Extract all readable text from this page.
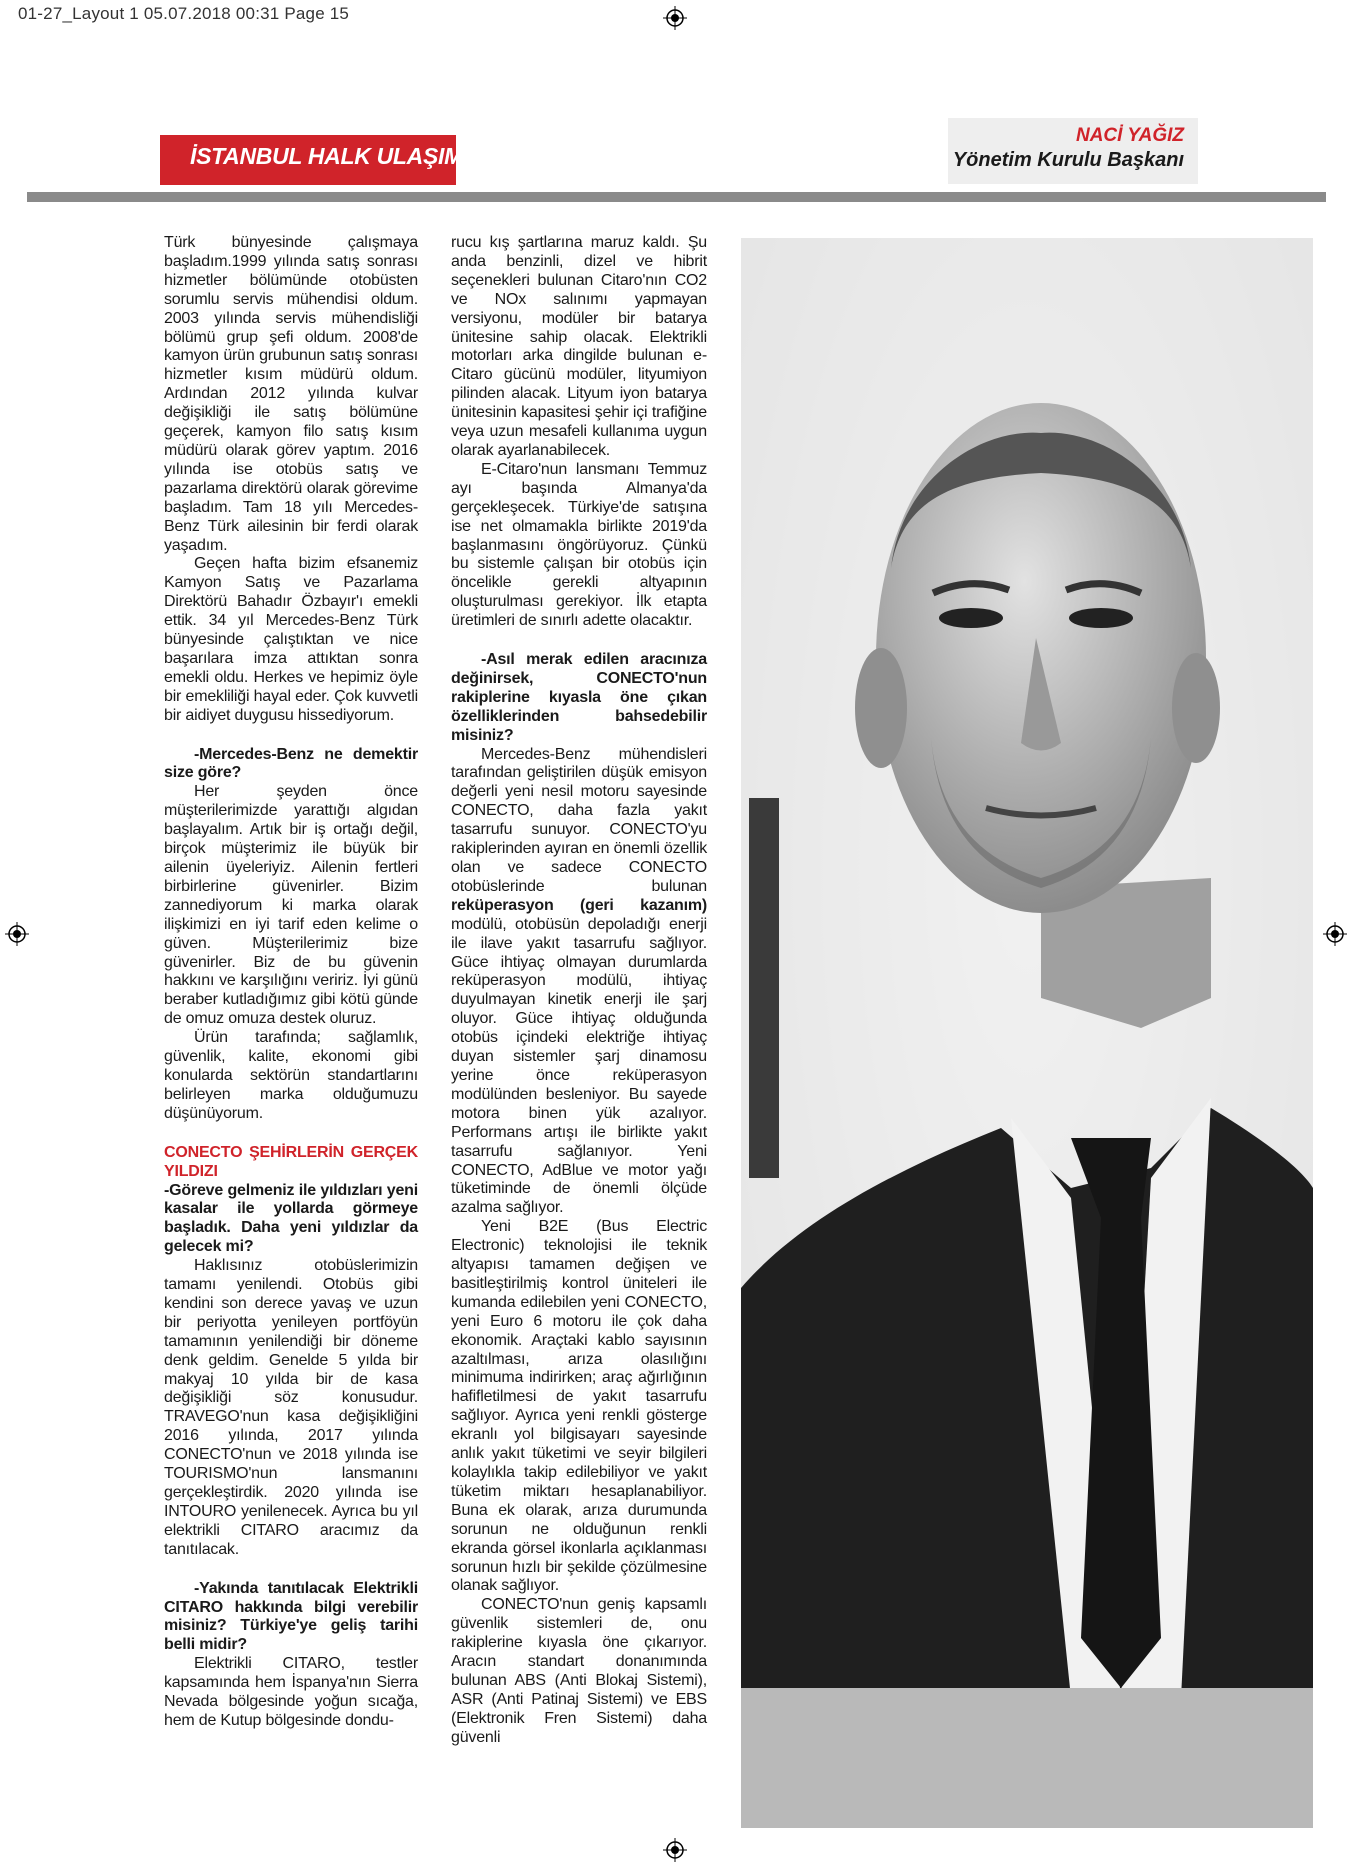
01-27_Layout 1 05.07.2018 00:31 Page 15
İSTANBUL HALK ULAŞIM A.Ş.
NACİ YAĞIZ
Yönetim Kurulu Başkanı

Türk bünyesinde çalışmaya başladım.1999 yılında satış sonrası hizmetler bölümünde otobüsten sorumlu servis mühendisi oldum. 2003 yılında servis mühendisliği bölümü grup şefi oldum. 2008'de kamyon ürün grubunun satış sonrası hizmetler kısım müdürü oldum. Ardından 2012 yılında kulvar değişikliği ile satış bölümüne geçerek, kamyon filo satış kısım müdürü olarak görev yaptım. 2016 yılında ise otobüs satış ve pazarlama direktörü olarak görevime başladım. Tam 18 yılı Mercedes-Benz Türk ailesinin bir ferdi olarak yaşadım.

Geçen hafta bizim efsanemiz Kamyon Satış ve Pazarlama Direktörü Bahadır Özbayır'ı emekli ettik. 34 yıl Mercedes-Benz Türk bünyesinde çalıştıktan ve nice başarılara imza attıktan sonra emekli oldu. Herkes ve hepimiz öyle bir emekliliği hayal eder. Çok kuvvetli bir aidiyet duygusu hissediyorum.

-Mercedes-Benz ne demektir size göre?

Her şeyden önce müşterilerimizde yarattığı algıdan başlayalım. Artık bir iş ortağı değil, birçok müşterimiz ile büyük bir ailenin üyeleriyiz. Ailenin fertleri birbirlerine güvenirler. Bizim zannediyorum ki marka olarak ilişkimizi en iyi tarif eden kelime o güven. Müşterilerimiz bize güvenirler. Biz de bu güvenin hakkını ve karşılığını veririz. İyi günü beraber kutladığımız gibi kötü günde de omuz omuza destek oluruz.

Ürün tarafında; sağlamlık, güvenlik, kalite, ekonomi gibi konularda sektörün standartlarını belirleyen marka olduğumuzu düşünüyorum.

CONECTO ŞEHİRLERİN GERÇEK YILDIZI

-Göreve gelmeniz ile yıldızları yeni kasalar ile yollarda görmeye başladık. Daha yeni yıldızlar da gelecek mi?

Haklısınız otobüslerimizin tamamı yenilendi. Otobüs gibi kendini son derece yavaş ve uzun bir periyotta yenileyen portföyün tamamının yenilendiği bir döneme denk geldim. Genelde 5 yılda bir makyaj 10 yılda bir de kasa değişikliği söz konusudur. TRAVEGO'nun kasa değişikliğini 2016 yılında, 2017 yılında CONECTO'nun ve 2018 yılında ise TOURISMO'nun lansmanını gerçekleştirdik. 2020 yılında ise INTOURO yenilenecek. Ayrıca bu yıl elektrikli CITARO aracımız da tanıtılacak.

-Yakında tanıtılacak Elektrikli CITARO hakkında bilgi verebilir misiniz? Türkiye'ye geliş tarihi belli midir?

Elektrikli CITARO, testler kapsamında hem İspanya'nın Sierra Nevada bölgesinde yoğun sıcağa, hem de Kutup bölgesinde dondu-

rucu kış şartlarına maruz kaldı. Şu anda benzinli, dizel ve hibrit seçenekleri bulunan Citaro'nın CO2 ve NOx salınımı yapmayan versiyonu, modüler bir batarya ünitesine sahip olacak. Elektrikli motorları arka dingilde bulunan e-Citaro gücünü modüler, lityumiyon pilinden alacak. Lityum iyon batarya ünitesinin kapasitesi şehir içi trafiğine veya uzun mesafeli kullanıma uygun olarak ayarlanabilecek.

E-Citaro'nun lansmanı Temmuz ayı başında Almanya'da gerçekleşecek. Türkiye'de satışına ise net olmamakla birlikte 2019'da başlanmasını öngörüyoruz. Çünkü bu sistemle çalışan bir otobüs için öncelikle gerekli altyapının oluşturulması gerekiyor. İlk etapta üretimleri de sınırlı adette olacaktır.

-Asıl merak edilen aracınıza değinirsek, CONECTO'nun rakiplerine kıyasla öne çıkan özelliklerinden bahsedebilir misiniz?

Mercedes-Benz mühendisleri tarafından geliştirilen düşük emisyon değerli yeni nesil motoru sayesinde CONECTO, daha fazla yakıt tasarrufu sunuyor. CONECTO'yu rakiplerinden ayıran en önemli özellik olan ve sadece CONECTO otobüslerinde bulunan reküperasyon (geri kazanım) modülü, otobüsün depoladığı enerji ile ilave yakıt tasarrufu sağlıyor. Güce ihtiyaç olmayan durumlarda reküperasyon modülü, ihtiyaç duyulmayan kinetik enerji ile şarj oluyor. Güce ihtiyaç olduğunda otobüs içindeki elektriğe ihtiyaç duyan sistemler şarj dinamosu yerine önce reküperasyon modülünden besleniyor. Bu sayede motora binen yük azalıyor. Performans artışı ile birlikte yakıt tasarrufu sağlanıyor. Yeni CONECTO, AdBlue ve motor yağı tüketiminde de önemli ölçüde azalma sağlıyor.

Yeni B2E (Bus Electric Electronic) teknolojisi ile teknik altyapısı tamamen değişen ve basitleştirilmiş kontrol üniteleri ile kumanda edilebilen yeni CONECTO, yeni Euro 6 motoru ile çok daha ekonomik. Araçtaki kablo sayısının azaltılması, arıza olasılığını minimuma indirirken; araç ağırlığının hafifletilmesi de yakıt tasarrufu sağlıyor. Ayrıca yeni renkli gösterge ekranlı yol bilgisayarı sayesinde anlık yakıt tüketimi ve seyir bilgileri kolaylıkla takip edilebiliyor ve yakıt tüketim miktarı hesaplanabiliyor. Buna ek olarak, arıza durumunda sorunun ne olduğunun renkli ekranda görsel ikonlarla açıklanması sorunun hızlı bir şekilde çözülmesine olanak sağlıyor.

CONECTO'nun geniş kapsamlı güvenlik sistemleri de, onu rakiplerine kıyasla öne çıkarıyor. Aracın standart donanımında bulunan ABS (Anti Blokaj Sistemi), ASR (Anti Patinaj Sistemi) ve EBS (Elektronik Fren Sistemi) daha güvenli
